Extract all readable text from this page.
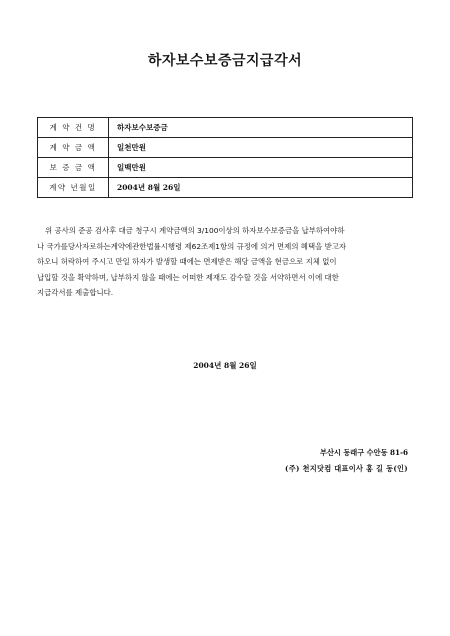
하자보수보증금지급각서
계 약 건 명	하자보수보증금
계 약 금 액	일천만원
보 증 금 액	일백만원
계약 년월일	2004년 8월 26일
위 공사의 준공 검사후 대금 청구시 계약금액의 3/100이상의 하자보수보증금을 납부하여야하
나 국가를당사자로하는계약에관한법률시행령 제62조제1항의 규정에 의거 면제의 혜택을 받고자
하오니 허락하여 주시고 만일 하자가 발생할 때에는 면제받은 해당 금액을 현금으로 지체 없이
납입할 것을 확약하며, 납부하지 않을 때에는 어떠한 제재도 감수할 것을 서약하면서 이에 대한
지급각서를 제출합니다.
2004년 8월 26일
부산시 동래구 수안동 81-6
(주) 천지닷컴 대표이사 홍 길 동(인)
